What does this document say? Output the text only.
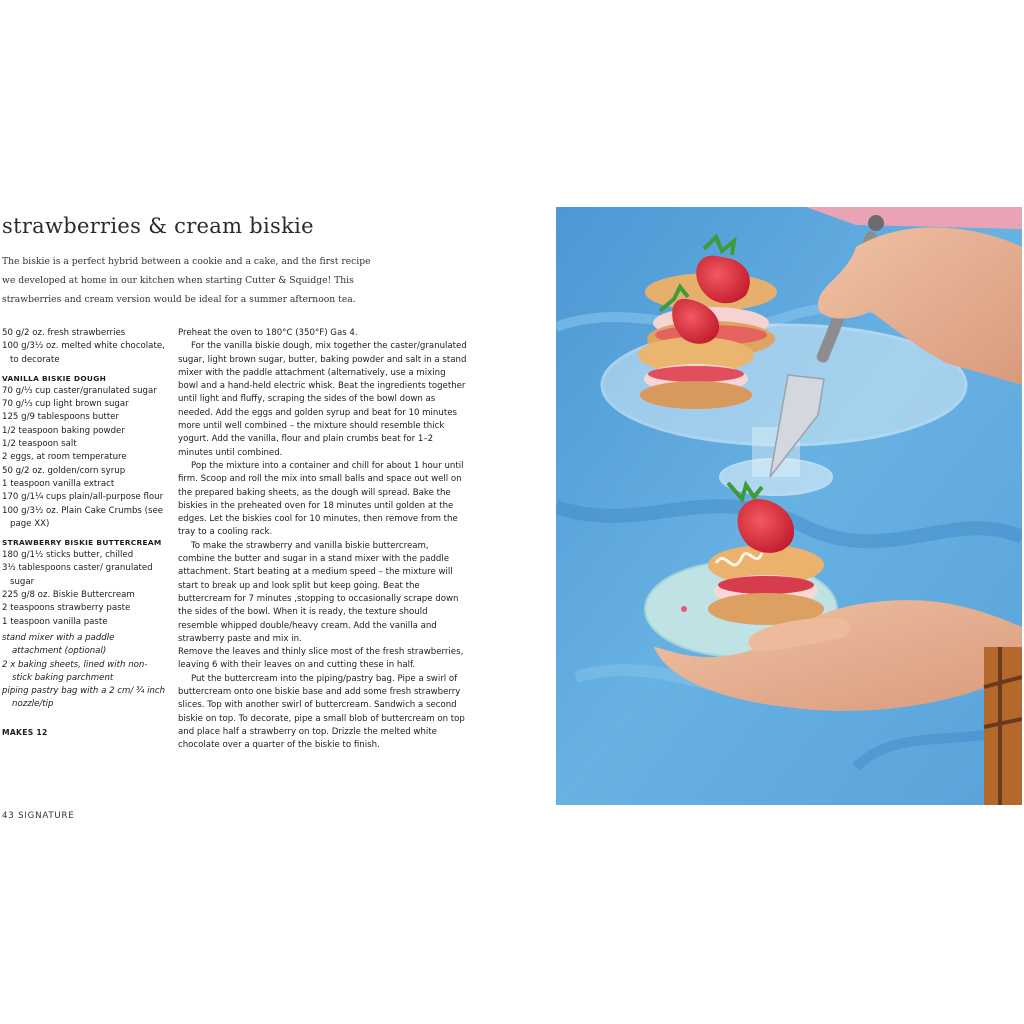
strawberries & cream biskie

The biskie is a perfect hybrid between a cookie and a cake, and the first recipe we developed at home in our kitchen when starting Cutter & Squidge! This strawberries and cream version would be ideal for a summer afternoon tea.

50 g/2 oz. fresh strawberries
100 g/3½ oz. melted white chocolate, to decorate
VANILLA BISKIE DOUGH
70 g/⅓ cup caster/granulated sugar
70 g/⅓ cup light brown sugar
125 g/9 tablespoons butter
1/2 teaspoon baking powder
1/2 teaspoon salt
2 eggs, at room temperature
50 g/2 oz. golden/corn syrup
1 teaspoon vanilla extract
170 g/1¼ cups plain/all-purpose flour
100 g/3½ oz. Plain Cake Crumbs (see page XX)
STRAWBERRY BISKIE BUTTERCREAM
180 g/1½ sticks butter, chilled
3½ tablespoons caster/ granulated sugar
225 g/8 oz. Biskie Buttercream
2 teaspoons strawberry paste
1 teaspoon vanilla paste
stand mixer with a paddle attachment (optional)
2 x baking sheets, lined with non-stick baking parchment
piping pastry bag with a 2 cm/ ¾ inch nozzle/tip
MAKES 12

Preheat the oven to 180°C (350°F) Gas 4.

For the vanilla biskie dough, mix together the caster/granulated sugar, light brown sugar, butter, baking powder and salt in a stand mixer with the paddle attachment (alternatively, use a mixing bowl and a hand-held electric whisk. Beat the ingredients together until light and fluffy, scraping the sides of the bowl down as needed. Add the eggs and golden syrup and beat for 10 minutes more until well combined – the mixture should resemble thick yogurt. Add the vanilla, flour and plain crumbs beat for 1–2 minutes until combined.

Pop the mixture into a container and chill for about 1 hour until firm. Scoop and roll the mix into small balls and space out well on the prepared baking sheets, as the dough will spread. Bake the biskies in the preheated oven for 18 minutes until golden at the edges. Let the biskies cool for 10 minutes, then remove from the tray to a cooling rack.

To make the strawberry and vanilla biskie buttercream, combine the butter and sugar in a stand mixer with the paddle attachment. Start beating at a medium speed – the mixture will start to break up and look split but keep going. Beat the buttercream for 7 minutes ,stopping to occasionally scrape down the sides of the bowl. When it is ready, the texture should resemble whipped double/heavy cream. Add the vanilla and strawberry paste and mix in.

Remove the leaves and thinly slice most of the fresh strawberries, leaving 6 with their leaves on and cutting these in half.

Put the buttercream into the piping/pastry bag. Pipe a swirl of buttercream onto one biskie base and add some fresh strawberry slices. Top with another swirl of buttercream. Sandwich a second biskie on top. To decorate, pipe a small blob of buttercream on top and place half a strawberry on top. Drizzle the melted white chocolate over a quarter of the biskie to finish.

43 SIGNATURE
